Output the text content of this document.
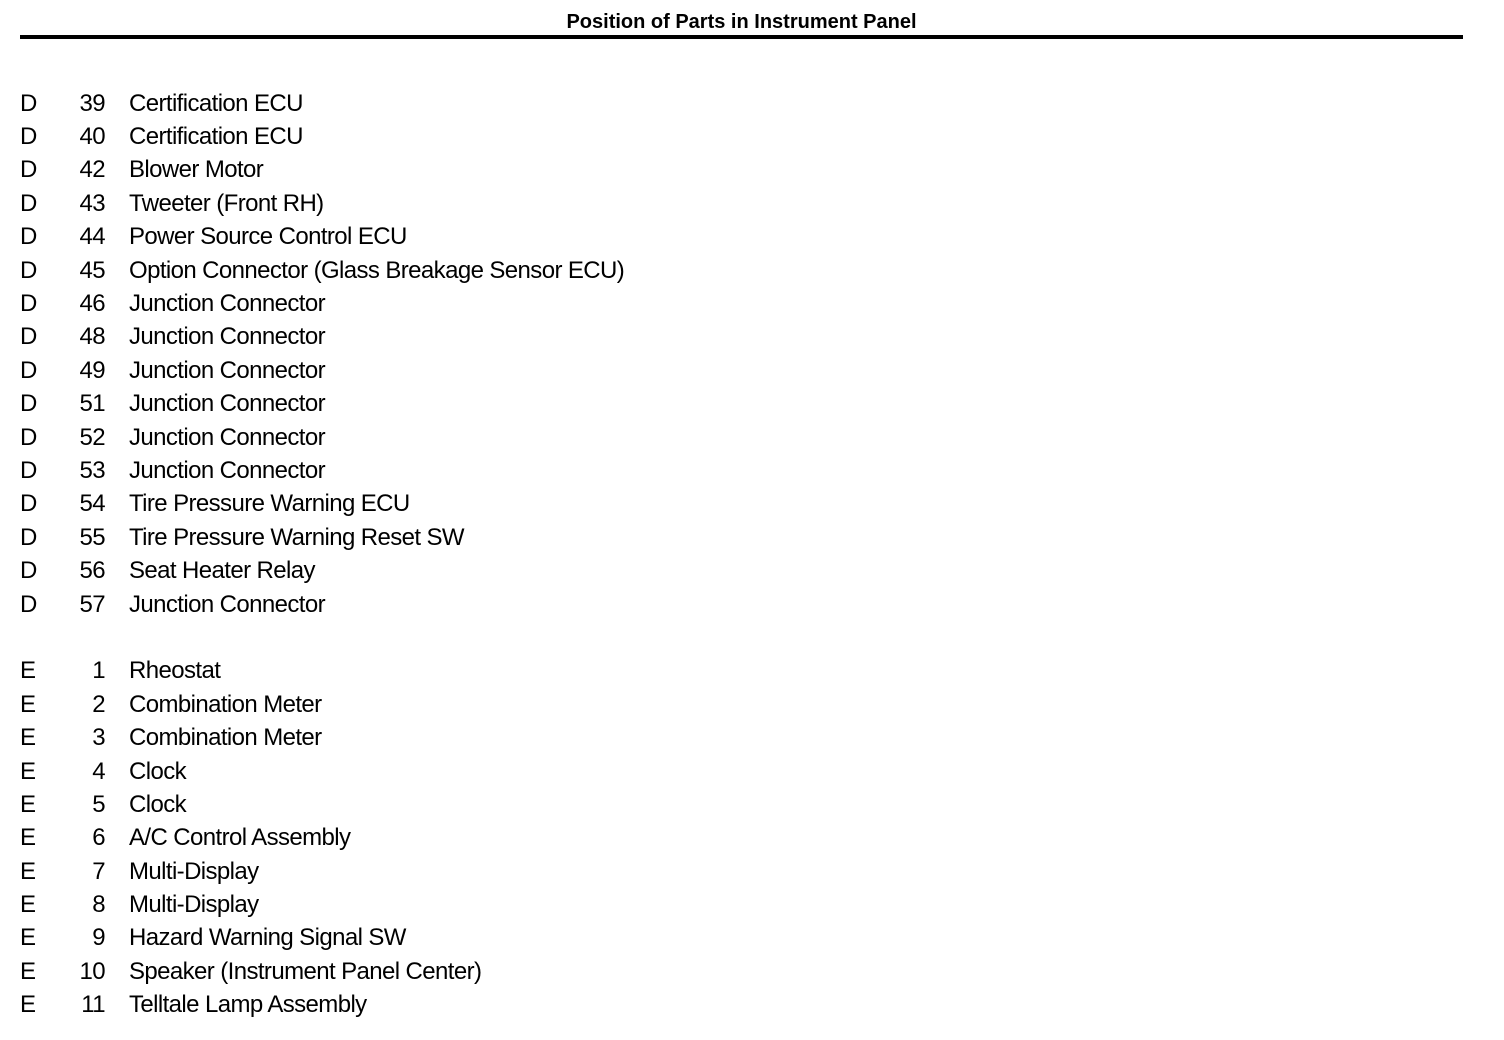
Position of Parts in Instrument Panel
D	39 Certification ECU
D	40 Certification ECU
D	42 Blower Motor
D	43 Tweeter (Front RH)
D	44 Power Source Control ECU
D	45 Option Connector (Glass Breakage Sensor ECU)
D	46 Junction Connector
D	48 Junction Connector
D	49 Junction Connector
D	51 Junction Connector
D	52 Junction Connector
D	53 Junction Connector
D	54 Tire Pressure Warning ECU
D	55 Tire Pressure Warning Reset SW
D	56 Seat Heater Relay
D	57 Junction Connector
E	1 Rheostat
E	2 Combination Meter
E	3 Combination Meter
E	4 Clock
E	5 Clock
E	6 A/C Control Assembly
E	7 Multi-Display
E	8 Multi-Display
E	9 Hazard Warning Signal SW
E	10 Speaker (Instrument Panel Center)
E	11 Telltale Lamp Assembly
